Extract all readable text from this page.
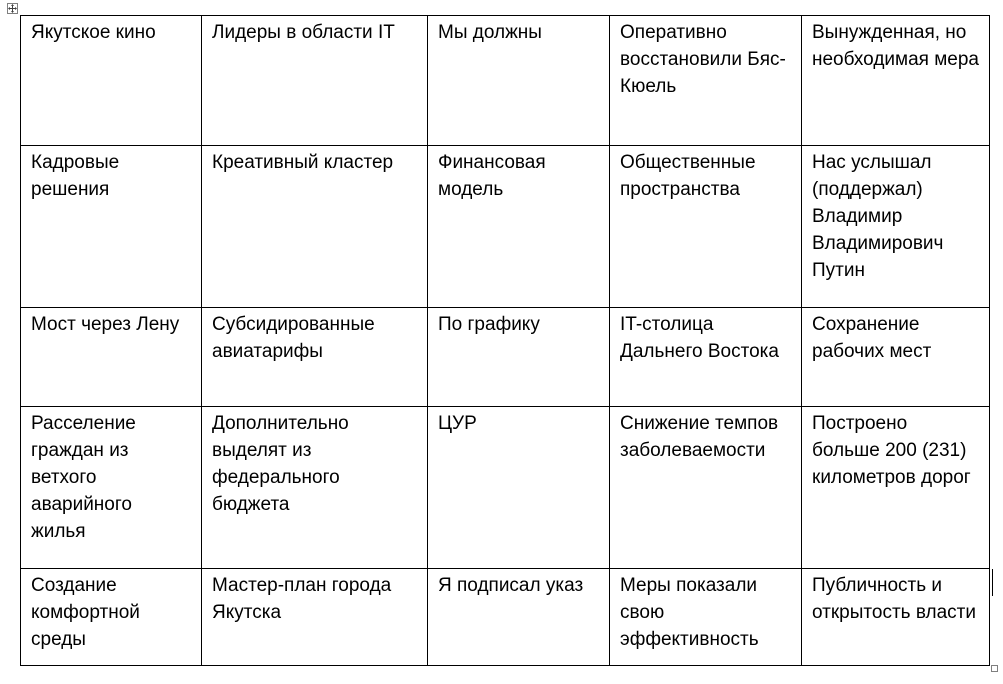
Якутское кино	Лидеры в области IT	Мы должны	Оперативно восстановили Бяс-Кюель	Вынужденная, но необходимая мера
Кадровые решения	Креативный кластер	Финансовая модель	Общественные пространства	Нас услышал (поддержал) Владимир Владимирович Путин
Мост через Лену	Субсидированные авиатарифы	По графику	IT-столица Дальнего Востока	Сохранение рабочих мест
Расселение граждан из ветхого аварийного жилья	Дополнительно выделят из федерального бюджета	ЦУР	Снижение темпов заболеваемости	Построено больше 200 (231) километров дорог
Создание комфортной среды	Мастер-план города Якутска	Я подписал указ	Меры показали свою эффективность	Публичность и открытость власти
